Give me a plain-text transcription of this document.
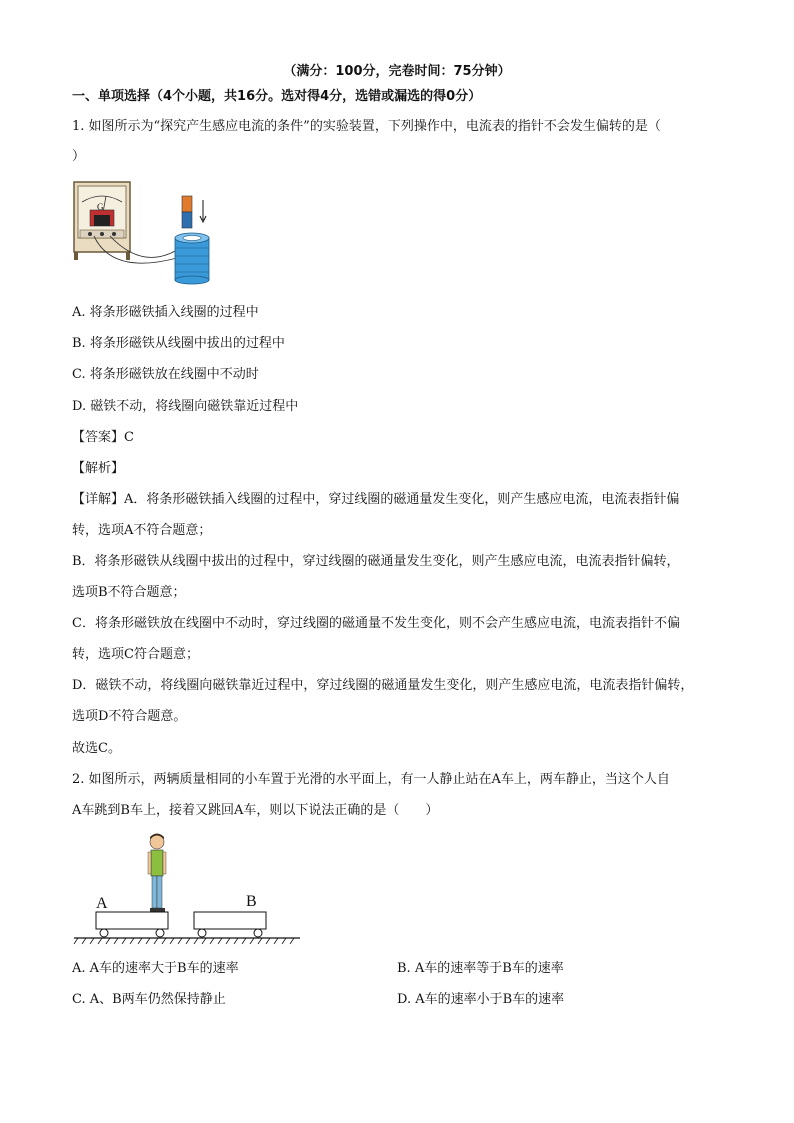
（满分：100分，完卷时间：75分钟）
一、单项选择（4个小题，共16分。选对得4分，选错或漏选的得0分）
1. 如图所示为“探究产生感应电流的条件”的实验装置，下列操作中，电流表的指针不会发生偏转的是（
）
G
A. 将条形磁铁插入线圈的过程中
B. 将条形磁铁从线圈中拔出的过程中
C. 将条形磁铁放在线圈中不动时
D. 磁铁不动，将线圈向磁铁靠近过程中
【答案】C
【解析】
【详解】A．将条形磁铁插入线圈的过程中，穿过线圈的磁通量发生变化，则产生感应电流，电流表指针偏
转，选项A不符合题意；
B．将条形磁铁从线圈中拔出的过程中，穿过线圈的磁通量发生变化，则产生感应电流，电流表指针偏转，
选项B不符合题意；
C．将条形磁铁放在线圈中不动时，穿过线圈的磁通量不发生变化，则不会产生感应电流，电流表指针不偏
转，选项C符合题意；
D．磁铁不动，将线圈向磁铁靠近过程中，穿过线圈的磁通量发生变化，则产生感应电流，电流表指针偏转，
选项D不符合题意。
故选C。
2. 如图所示，两辆质量相同的小车置于光滑的水平面上，有一人静止站在A车上，两车静止，当这个人自
A车跳到B车上，接着又跳回A车，则以下说法正确的是（　　）
A	B
A. A车的速率大于B车的速率	B. A车的速率等于B车的速率
C. A、B两车仍然保持静止	D. A车的速率小于B车的速率
